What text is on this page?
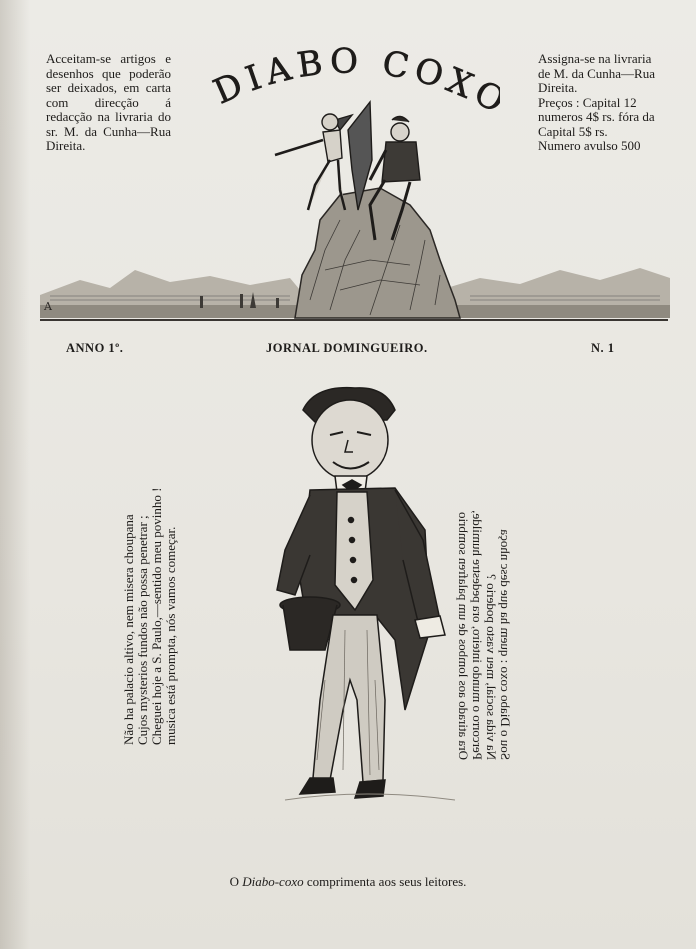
Acceitam-se artigos e desenhos que poderão ser deixados, em carta com direcção á redacção na livraria do sr. M. da Cunha—Rua Direita.
DIABO COX
Assigna-se na livraria de M. da Cunha—Rua Direita.
Preços : Capital 12 numeros 4$ rs. fóra da Capital 5$ rs.
Numero avulso 500
A
ANNO 1º.	JORNAL DOMINGUEIRO.	N. 1
Não ha palacio altivo, nem misera choupana Cujos mysterios fundos não possa penetrar ; Cheguei hoje a S. Paulo,—sentido meu povinho ! musica está prompta, nós vamos começar.	Sou o Diabo coxo : quem ha que desc nhoça
Na vida social, meu vasto poderio ?
Percorro o mundo inteiro, ora pedestre humilde,
Ora atirado aos lombos de um palafren sombrio
O Diabo-coxo comprimenta aos seus leitores.
